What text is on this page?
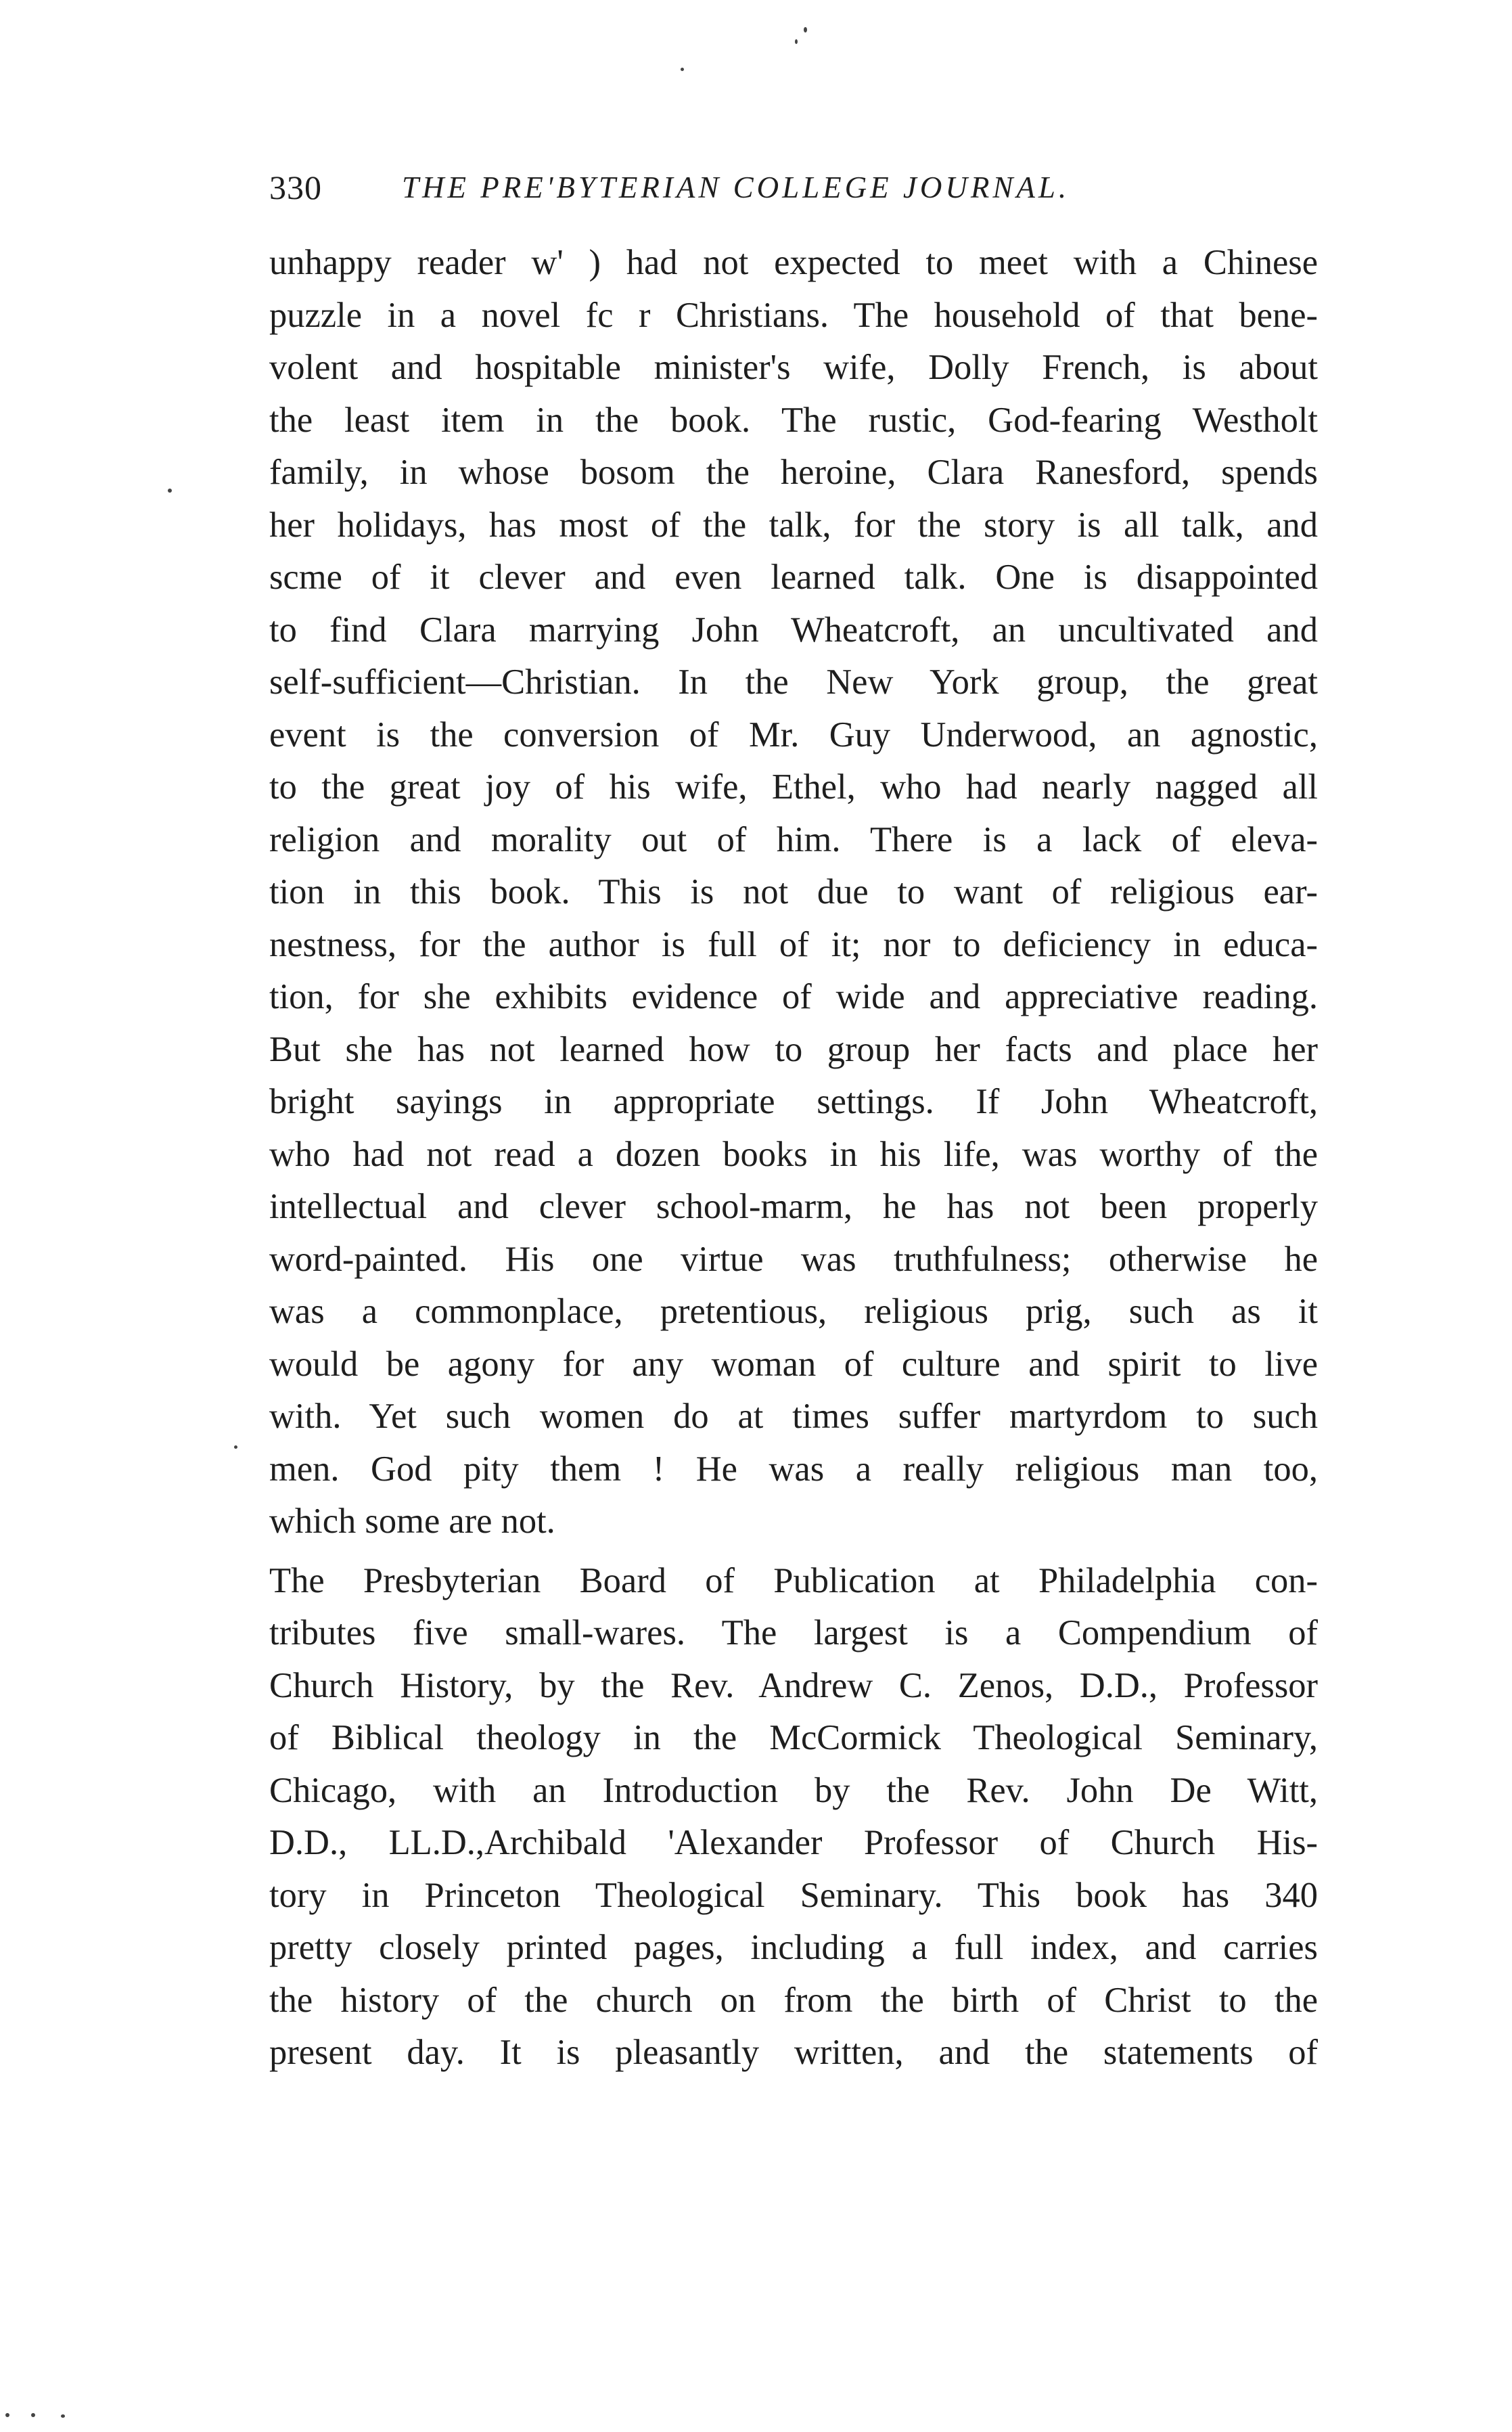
330	THE PRE'BYTERIAN COLLEGE JOURNAL.
unhappy reader w' ) had not expected to meet with a Chinese
puzzle in a novel fc r Christians. The household of that bene-
volent and hospitable minister's wife, Dolly French, is about
the least item in the book. The rustic, God-fearing Westholt
family, in whose bosom the heroine, Clara Ranesford, spends
her holidays, has most of the talk, for the story is all talk, and
scme of it clever and even learned talk. One is disappointed
to find Clara marrying John Wheatcroft, an uncultivated and
self-sufficient—Christian. In the New York group, the great
event is the conversion of Mr. Guy Underwood, an agnostic,
to the great joy of his wife, Ethel, who had nearly nagged all
religion and morality out of him. There is a lack of eleva-
tion in this book. This is not due to want of religious ear-
nestness, for the author is full of it; nor to deficiency in educa-
tion, for she exhibits evidence of wide and appreciative reading.
But she has not learned how to group her facts and place her
bright sayings in appropriate settings. If John Wheatcroft,
who had not read a dozen books in his life, was worthy of the
intellectual and clever school-marm, he has not been properly
word-painted. His one virtue was truthfulness; otherwise he
was a commonplace, pretentious, religious prig, such as it
would be agony for any woman of culture and spirit to live
with. Yet such women do at times suffer martyrdom to such
men. God pity them ! He was a really religious man too,
which some are not.
The Presbyterian Board of Publication at Philadelphia con-
tributes five small-wares. The largest is a Compendium of
Church History, by the Rev. Andrew C. Zenos, D.D., Professor
of Biblical theology in the McCormick Theological Seminary,
Chicago, with an Introduction by the Rev. John De Witt,
D.D., LL.D.,Archibald 'Alexander Professor of Church His-
tory in Princeton Theological Seminary. This book has 340
pretty closely printed pages, including a full index, and carries
the history of the church on from the birth of Christ to the
present day. It is pleasantly written, and the statements of
